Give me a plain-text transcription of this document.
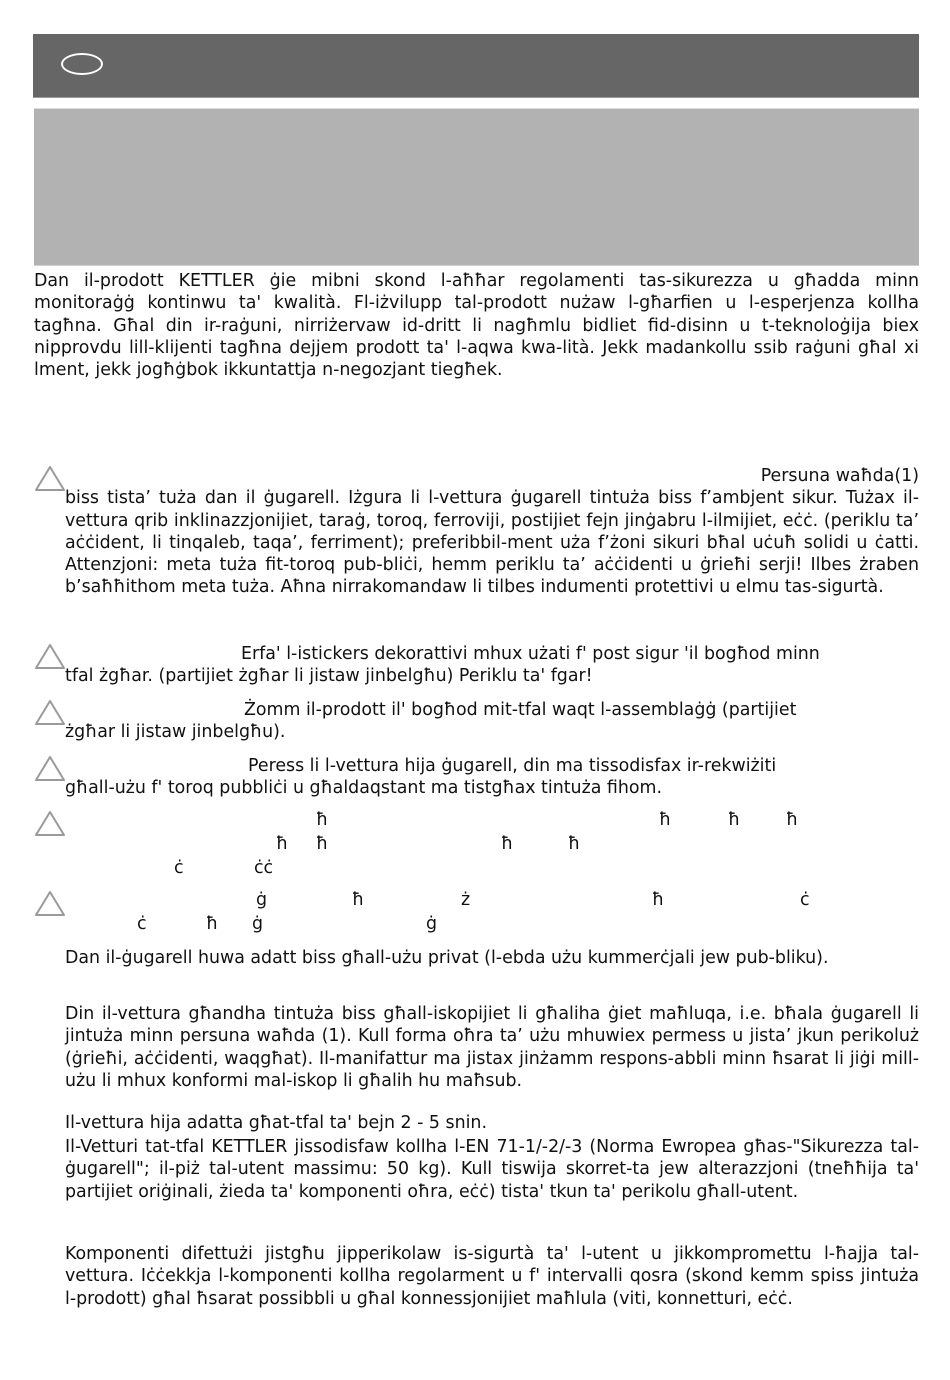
Dan il-prodott KETTLER ġie mibni skond l-aħħar regolamenti tas-sikurezza u għadda minn monitoraġġ kontinwu ta' kwalità. Fl-iżvilupp tal-prodott nużaw l-għarfien u l-esperjenza kollha tagħna. Għal din ir-raġuni, nirriżervaw id-dritt li nagħmlu bidliet fid-disinn u t-teknoloġija biex nipprovdu lill-klijenti tagħna dejjem prodott ta' l-aqwa kwa-lità. Jekk madankollu ssib raġuni għal xi lment, jekk jogħġbok ikkuntattja n-negozjant tiegħek.

Persuna waħda(1)

biss tista’ tuża dan il ġugarell. Iżgura li l-vettura ġugarell tintuża biss f’ambjent sikur. Tużax il-vettura qrib inklinazzjonijiet, taraġ, toroq, ferroviji, postijiet fejn jinġabru l-ilmijiet, eċċ. (periklu ta’ aċċident, li tinqaleb, taqa’, ferriment); preferibbil-ment uża f’żoni sikuri bħal uċuħ solidi u ċatti. Attenzjoni: meta tuża fit-toroq pub-bliċi, hemm periklu ta’ aċċidenti u ġrieħi serji! Ilbes żraben b’saħħithom meta tuża. Aħna nirrakomandaw li tilbes indumenti protettivi u elmu tas-sigurtà.

Erfa' l-istickers dekorattivi mhux użati f' post sigur 'il bogħod minn

tfal żgħar. (partijiet żgħar li jistaw jinbelgħu) Periklu ta' fgar!

Żomm il-prodott il' bogħod mit-tfal waqt l-assemblaġġ (partijiet

żgħar li jistaw jinbelgħu).

Peress li l-vettura hija ġugarell, din ma tissodisfax ir-rekwiżiti

għall-użu f' toroq pubbliċi u għaldaqstant ma tistgħax tintuża fihom.

ħ	ħ	ħ	ħ
ħ ħ	ħ	ħ
ċ	ċċ
ġ	ħ	ż	ħ	ċ
ċ	ħ ġ	ġ

Dan il-ġugarell huwa adatt biss għall-użu privat (l-ebda użu kummerċjali jew pub-bliku).

Din il-vettura għandha tintuża biss għall-iskopijiet li għaliha ġiet maħluqa, i.e. bħala ġugarell li jintuża minn persuna waħda (1). Kull forma oħra ta’ użu mhuwiex permess u jista’ jkun perikoluż (ġrieħi, aċċidenti, waqgħat). Il-manifattur ma jistax jinżamm respons-abbli minn ħsarat li jiġi mill-użu li mhux konformi mal-iskop li għalih hu maħsub.

Il-vettura hija adatta għat-tfal ta' bejn 2 - 5 snin.

Il-Vetturi tat-tfal KETTLER jissodisfaw kollha l-EN 71-1/-2/-3 (Norma Ewropea għas-"Sikurezza tal-ġugarell"; il-piż tal-utent massimu: 50 kg). Kull tiswija skorret-ta jew alterazzjoni (tneħħija ta' partijiet oriġinali, żieda ta' komponenti oħra, eċċ) tista' tkun ta' perikolu għall-utent.

Komponenti difettużi jistgħu jipperikolaw is-sigurtà ta' l-utent u jikkompromettu l-ħajja tal-vettura. Iċċekkja l-komponenti kollha regolarment u f' intervalli qosra (skond kemm spiss jintuża l-prodott) għal ħsarat possibbli u għal konnessjonijiet maħlula (viti, konnetturi, eċċ.
